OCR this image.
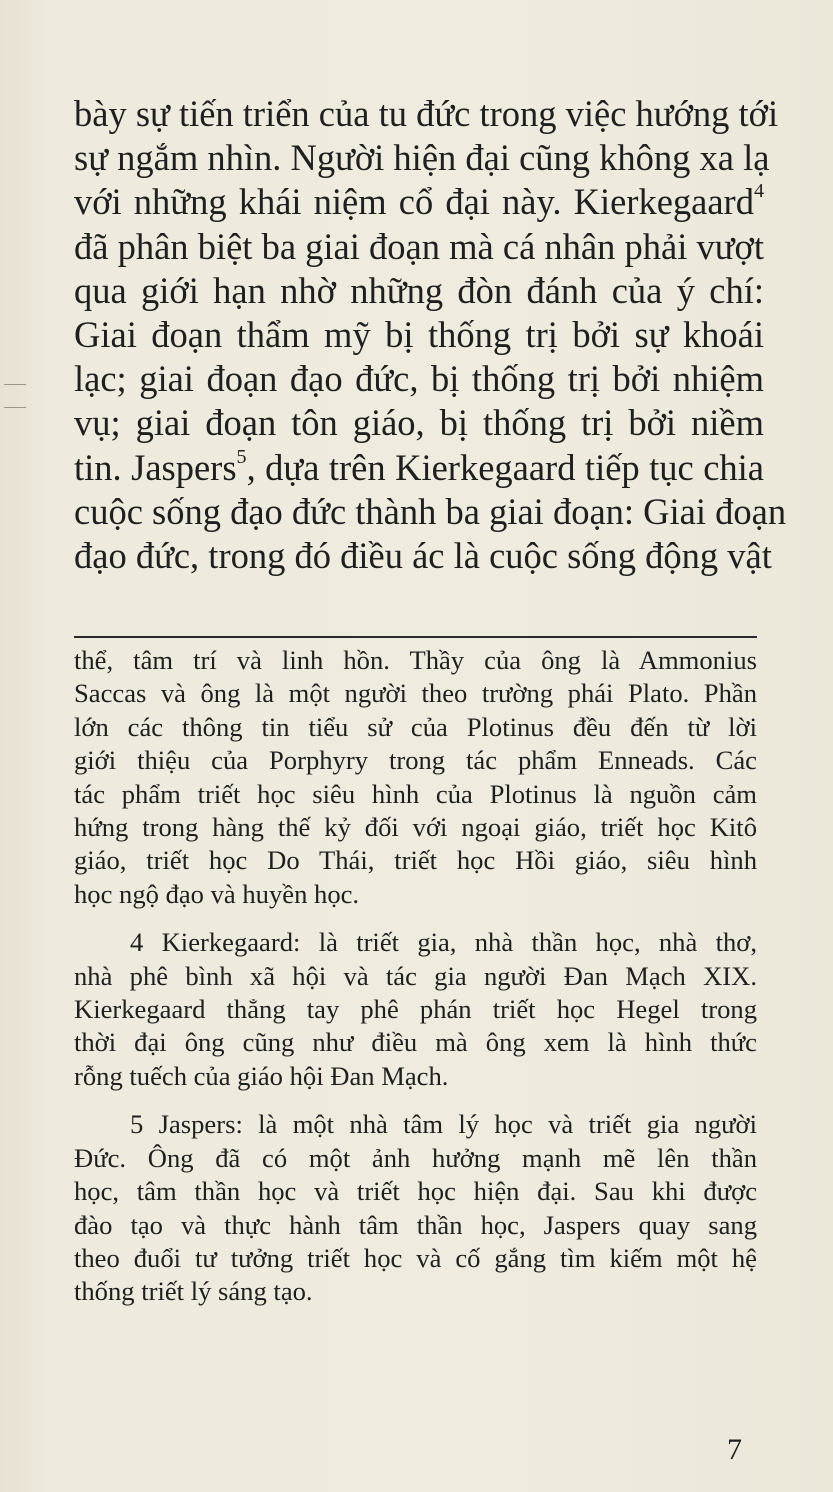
bày sự tiến triển của tu đức trong việc hướng tới
sự ngắm nhìn. Người hiện đại cũng không xa lạ
với những khái niệm cổ đại này. Kierkegaard$^4$
đã phân biệt ba giai đoạn mà cá nhân phải vượt
qua giới hạn nhờ những đòn đánh của ý chí:
Giai đoạn thẩm mỹ bị thống trị bởi sự khoái
lạc; giai đoạn đạo đức, bị thống trị bởi nhiệm
vụ; giai đoạn tôn giáo, bị thống trị bởi niềm
tin. Jaspers$^5$, dựa trên Kierkegaard tiếp tục chia
cuộc sống đạo đức thành ba giai đoạn: Giai đoạn
đạo đức, trong đó điều ác là cuộc sống động vật
thể, tâm trí và linh hồn. Thầy của ông là Ammonius
Saccas và ông là một người theo trường phái Plato. Phần
lớn các thông tin tiểu sử của Plotinus đều đến từ lời
giới thiệu của Porphyry trong tác phẩm Enneads. Các
tác phẩm triết học siêu hình của Plotinus là nguồn cảm
hứng trong hàng thế kỷ đối với ngoại giáo, triết học Kitô
giáo, triết học Do Thái, triết học Hồi giáo, siêu hình
học ngộ đạo và huyền học.
4 Kierkegaard: là triết gia, nhà thần học, nhà thơ,
nhà phê bình xã hội và tác gia người Đan Mạch XIX.
Kierkegaard thẳng tay phê phán triết học Hegel trong
thời đại ông cũng như điều mà ông xem là hình thức
rỗng tuếch của giáo hội Đan Mạch.
5 Jaspers: là một nhà tâm lý học và triết gia người
Đức. Ông đã có một ảnh hưởng mạnh mẽ lên thần
học, tâm thần học và triết học hiện đại. Sau khi được
đào tạo và thực hành tâm thần học, Jaspers quay sang
theo đuổi tư tưởng triết học và cố gắng tìm kiếm một hệ
thống triết lý sáng tạo.
7
